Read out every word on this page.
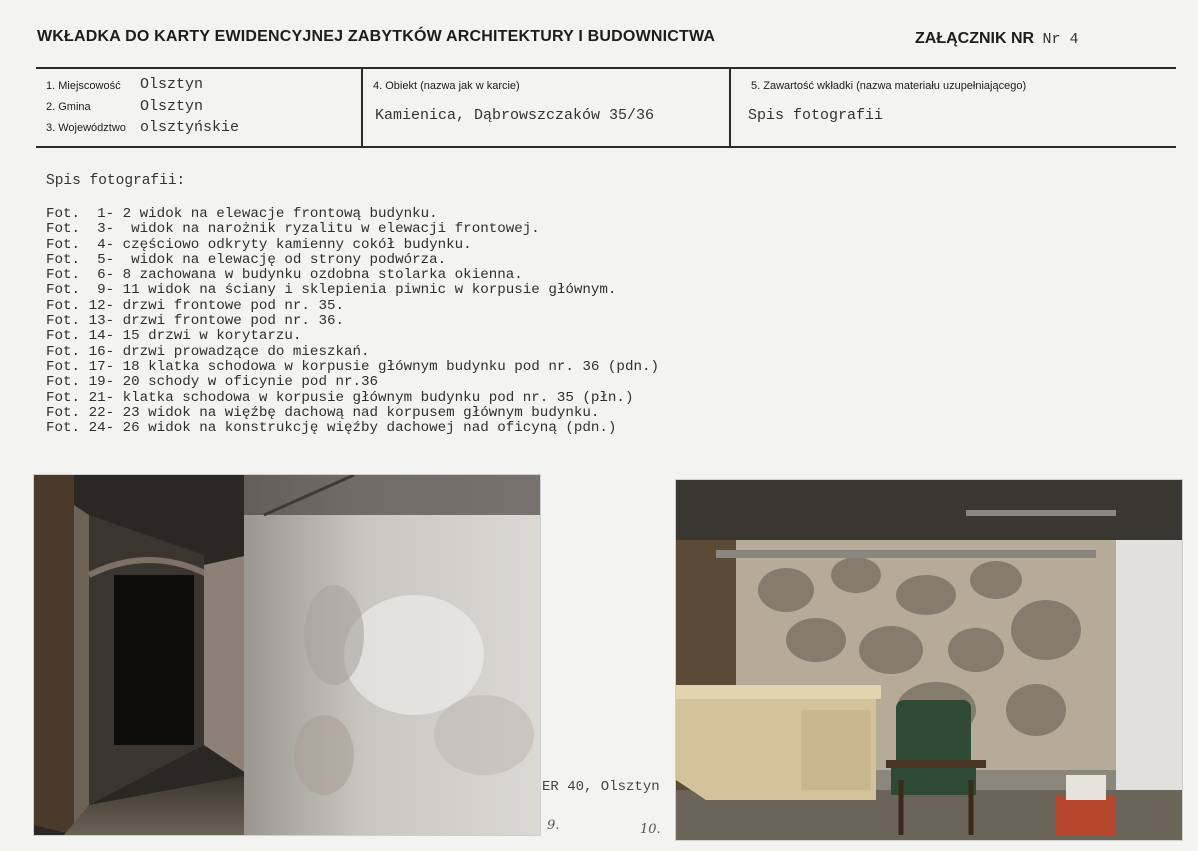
WKŁADKA DO KARTY EWIDENCYJNEJ ZABYTKÓW ARCHITEKTURY I BUDOWNICTWA	ZAŁĄCZNIK NR Nr 4
1. Miejscowość Olsztyn
2. Gmina	Olsztyn
3. Województwo olsztyńskie
4. Obiekt (nazwa jak w karcie)
Kamienica, Dąbrowszczaków 35/36
5. Zawartość wkładki (nazwa materiału uzupełniającego)
Spis fotografii
Spis fotografii:
Fot.  1- 2 widok na elewacje frontową budynku.
Fot.  3-  widok na narożnik ryzalitu w elewacji frontowej.
Fot.  4- częściowo odkryty kamienny cokół budynku.
Fot.  5-  widok na elewację od strony podwórza.
Fot.  6- 8 zachowana w budynku ozdobna stolarka okienna.
Fot.  9- 11 widok na ściany i sklepienia piwnic w korpusie głównym.
Fot. 12- drzwi frontowe pod nr. 35.
Fot. 13- drzwi frontowe pod nr. 36.
Fot. 14- 15 drzwi w korytarzu.
Fot. 16- drzwi prowadzące do mieszkań.
Fot. 17- 18 klatka schodowa w korpusie głównym budynku pod nr. 36 (pdn.)
Fot. 19- 20 schody w oficynie pod nr.36
Fot. 21- klatka schodowa w korpusie głównym budynku pod nr. 35 (płn.)
Fot. 22- 23 widok na więźbę dachową nad korpusem głównym budynku.
Fot. 24- 26 widok na konstrukcję więźby dachowej nad oficyną (pdn.)
ER 40, Olsztyn
9.	10.
